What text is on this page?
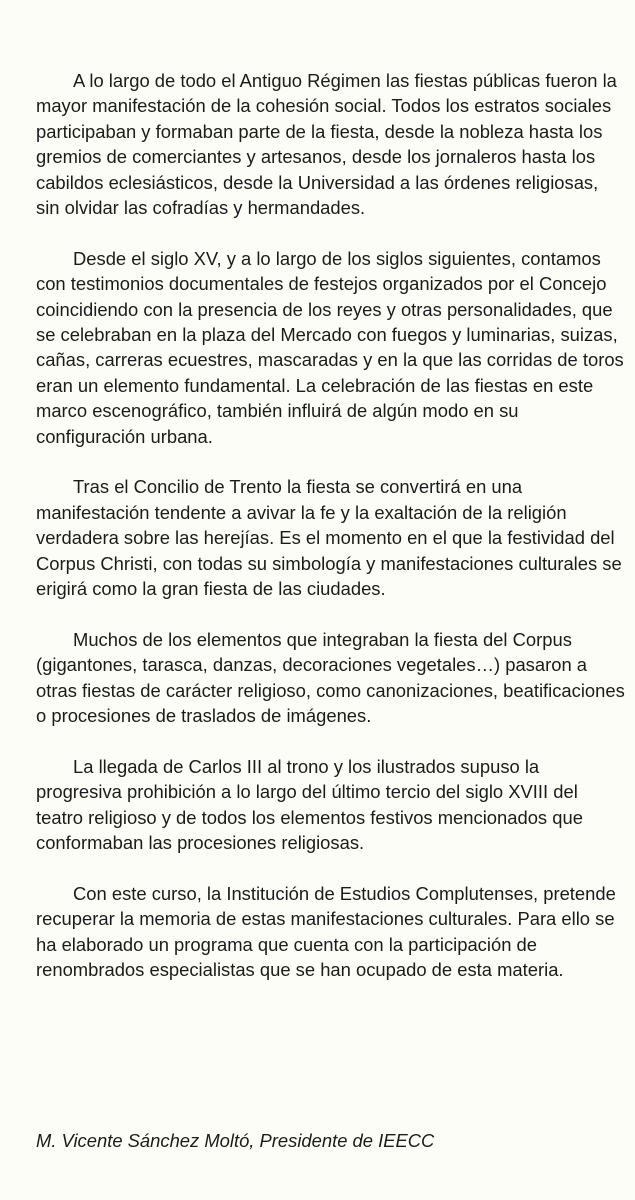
A lo largo de todo el Antiguo Régimen las fiestas públicas fueron la mayor manifestación de la cohesión social. Todos los estratos sociales participaban y formaban parte de la fiesta, desde la nobleza hasta los gremios de comerciantes y artesanos, desde los jornaleros hasta los cabildos eclesiásticos, desde la Universidad a las órdenes religiosas, sin olvidar las cofradías y hermandades.

Desde el siglo XV, y a lo largo de los siglos siguientes, contamos con testimonios documentales de festejos organizados por el Concejo coincidiendo con la presencia de los reyes y otras personalidades, que se celebraban en la plaza del Mercado con fuegos y luminarias, suizas, cañas, carreras ecuestres, mascaradas y en la que las corridas de toros eran un elemento fundamental. La celebración de las fiestas en este marco escenográfico, también influirá de algún modo en su configuración urbana.

Tras el Concilio de Trento la fiesta se convertirá en una manifestación tendente a avivar la fe y la exaltación de la religión verdadera sobre las herejías. Es el momento en el que la festividad del Corpus Christi, con todas su simbología y manifestaciones culturales se erigirá como la gran fiesta de las ciudades.

Muchos de los elementos que integraban la fiesta del Corpus (gigantones, tarasca, danzas, decoraciones vegetales…) pasaron a otras fiestas de carácter religioso, como canonizaciones, beatificaciones o procesiones de traslados de imágenes.

La llegada de Carlos III al trono y los ilustrados supuso la progresiva prohibición a lo largo del último tercio del siglo XVIII del teatro religioso y de todos los elementos festivos mencionados que conformaban las procesiones religiosas.

Con este curso, la Institución de Estudios Complutenses, pretende recuperar la memoria de estas manifestaciones culturales. Para ello se ha elaborado un programa que cuenta con la participación de renombrados especialistas que se han ocupado de esta materia.

M. Vicente Sánchez Moltó, Presidente de IEECC
